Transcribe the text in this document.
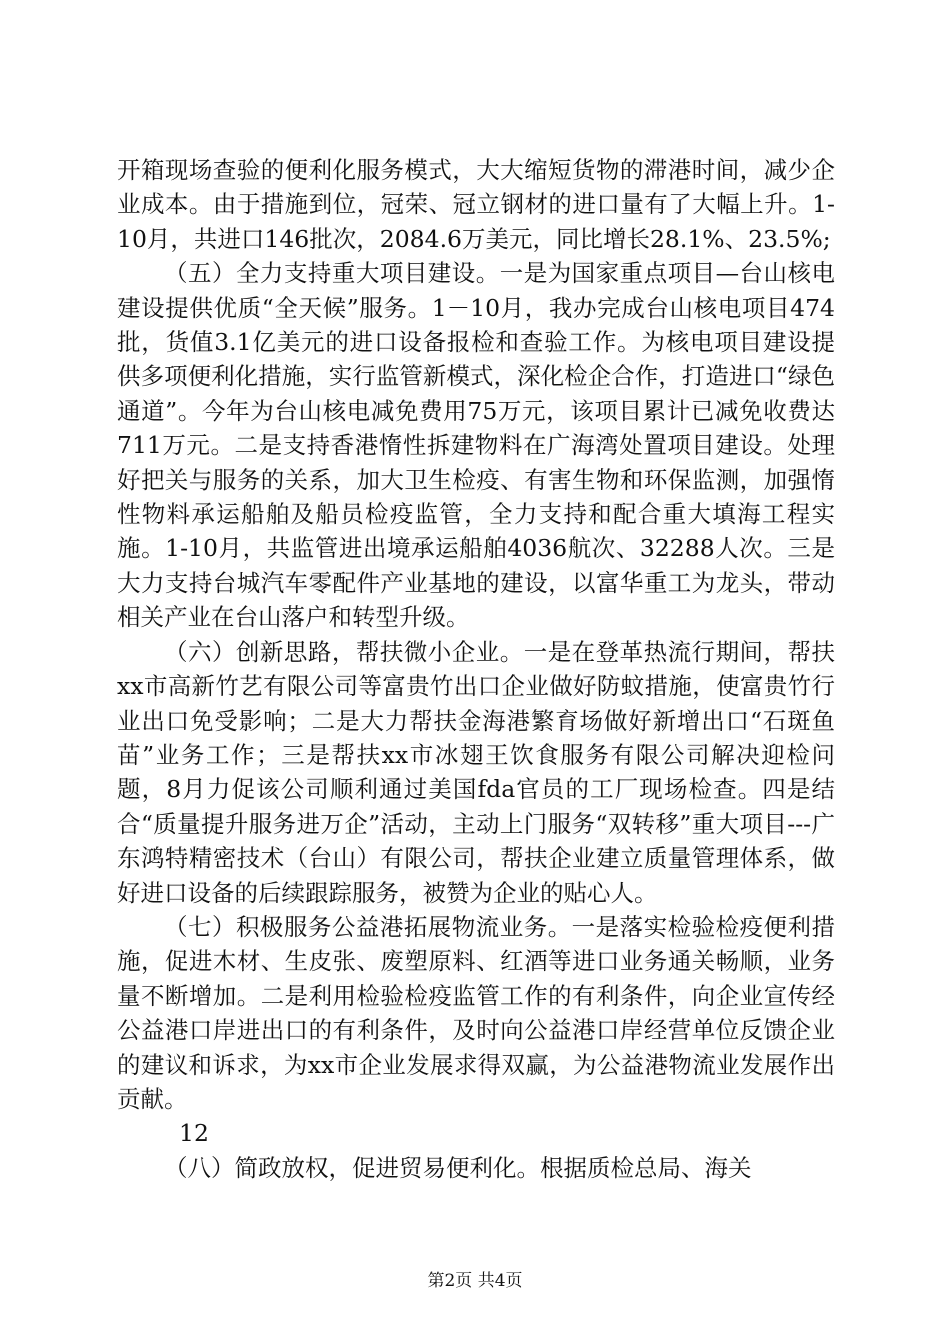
开箱现场查验的便利化服务模式，大大缩短货物的滞港时间，减少企业成本。由于措施到位，冠荣、冠立钢材的进口量有了大幅上升。1-10月，共进口146批次，2084.6万美元，同比增长28.1%、23.5%;

（五）全力支持重大项目建设。一是为国家重点项目—台山核电建设提供优质“全天候”服务。1－10月，我办完成台山核电项目474批，货值3.1亿美元的进口设备报检和查验工作。为核电项目建设提供多项便利化措施，实行监管新模式，深化检企合作，打造进口“绿色通道”。今年为台山核电减免费用75万元，该项目累计已减免收费达711万元。二是支持香港惰性拆建物料在广海湾处置项目建设。处理好把关与服务的关系，加大卫生检疫、有害生物和环保监测，加强惰性物料承运船舶及船员检疫监管，全力支持和配合重大填海工程实施。1-10月，共监管进出境承运船舶4036航次、32288人次。三是大力支持台城汽车零配件产业基地的建设，以富华重工为龙头，带动相关产业在台山落户和转型升级。

（六）创新思路，帮扶微小企业。一是在登革热流行期间，帮扶xx市高新竹艺有限公司等富贵竹出口企业做好防蚊措施，使富贵竹行业出口免受影响；二是大力帮扶金海港繁育场做好新增出口“石斑鱼苗”业务工作；三是帮扶xx市冰翅王饮食服务有限公司解决迎检问题，8月力促该公司顺利通过美国fda官员的工厂现场检查。四是结合“质量提升服务进万企”活动，主动上门服务“双转移”重大项目---广东鸿特精密技术（台山）有限公司，帮扶企业建立质量管理体系，做好进口设备的后续跟踪服务，被赞为企业的贴心人。

（七）积极服务公益港拓展物流业务。一是落实检验检疫便利措施，促进木材、生皮张、废塑原料、红酒等进口业务通关畅顺，业务量不断增加。二是利用检验检疫监管工作的有利条件，向企业宣传经公益港口岸进出口的有利条件，及时向公益港口岸经营单位反馈企业的建议和诉求，为xx市企业发展求得双赢，为公益港物流业发展作出贡献。

12

（八）简政放权，促进贸易便利化。根据质检总局、海关

第2页 共4页
